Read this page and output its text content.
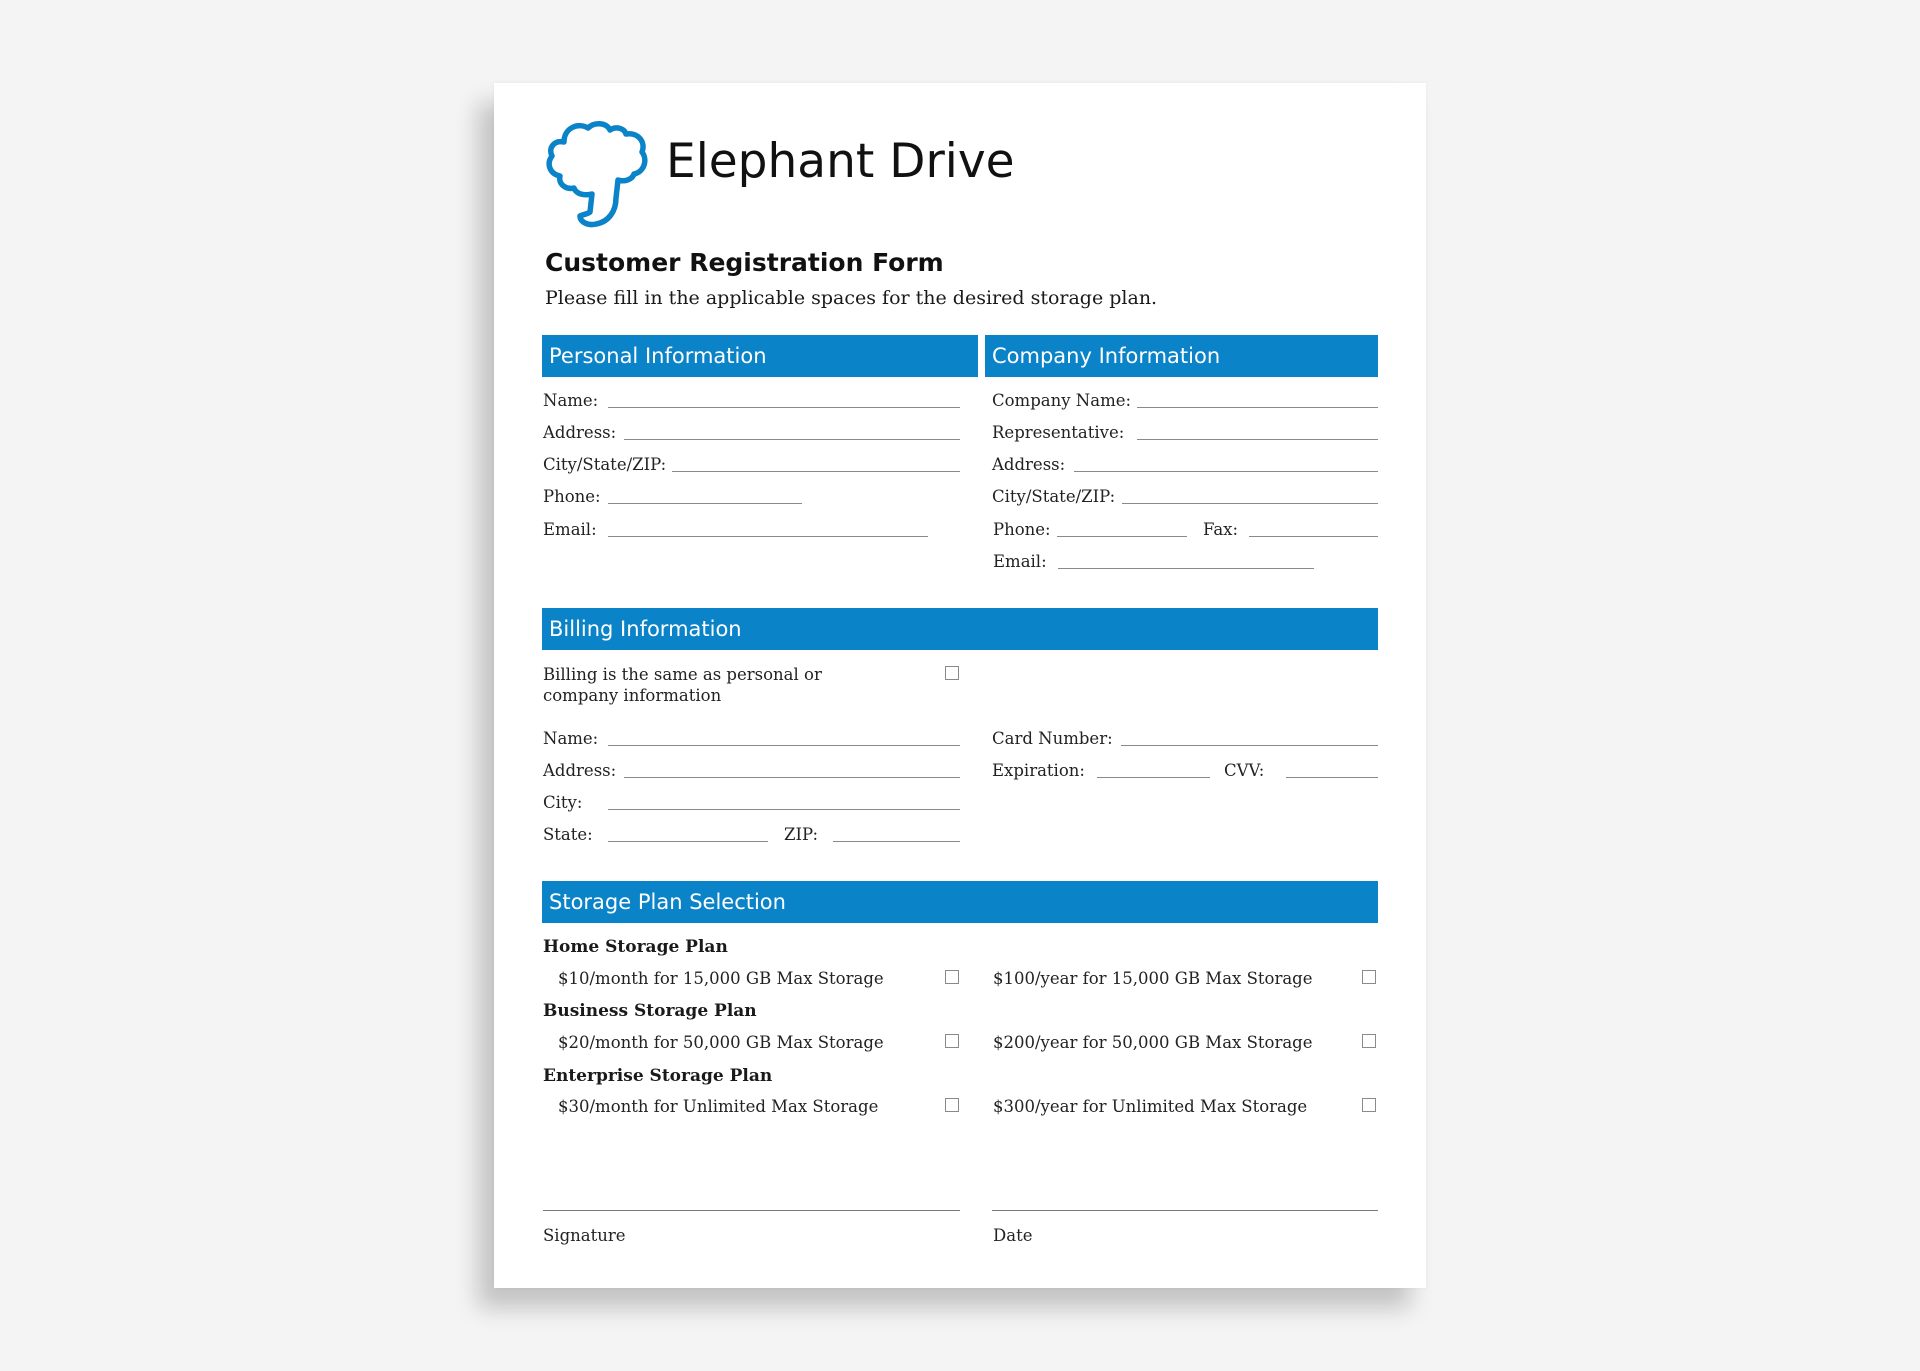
Elephant Drive
Customer Registration Form
Please fill in the applicable spaces for the desired storage plan.
Personal Information	Company Information
Name:
Address:
City/State/ZIP:
Phone:
Email:
Company Name:
Representative:
Address:
City/State/ZIP:
Phone:	Fax:
Email:
Billing Information
Billing is the same as personal or
company information
Name:
Address:
City:
State:	ZIP:
Card Number:
Expiration:	CVV:
Storage Plan Selection
Home Storage Plan
$10/month for 15,000 GB Max Storage	$100/year for 15,000 GB Max Storage
Business Storage Plan
$20/month for 50,000 GB Max Storage	$200/year for 50,000 GB Max Storage
Enterprise Storage Plan
$30/month for Unlimited Max Storage	$300/year for Unlimited Max Storage
Signature	Date
